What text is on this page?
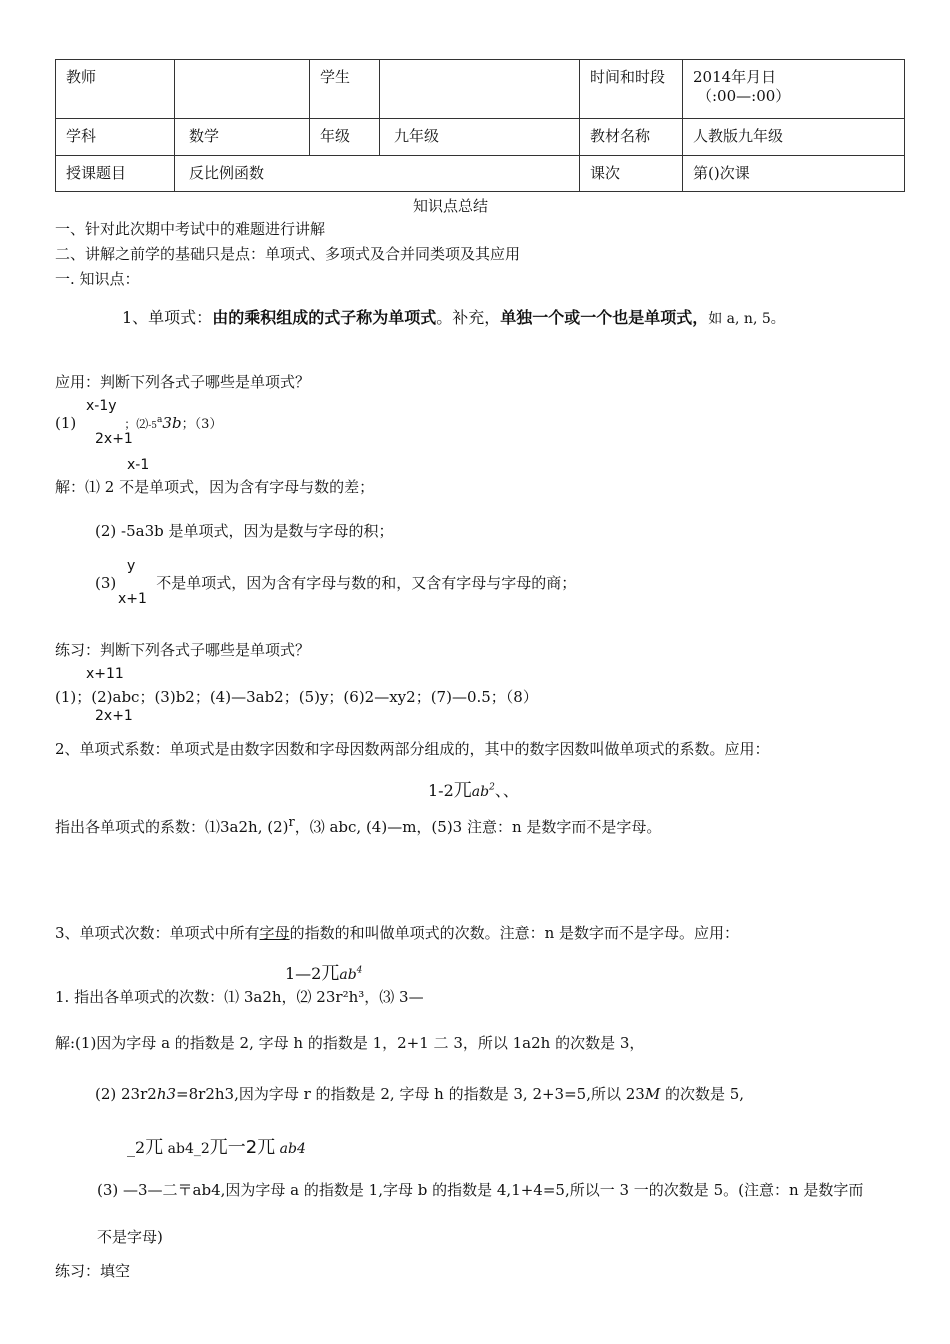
教师		学生		时间和时段	2014年月日
（:00—:00）

学科	数学	年级	九年级	教材名称	人教版九年级
授课题目	反比例函数			课次	第()次课
知识点总结
一、针对此次期中考试中的难题进行讲解
二、讲解之前学的基础只是点：单项式、多项式及合并同类项及其应用
一. 知识点：
1、单项式：由的乘积组成的式子称为单项式。补充，单独一个或一个也是单项式，如 a, n, 5。
应用：判断下列各式子哪些是单项式？
x-1y
(1)	；⑵-5$^a$3b；（3）
2x+1
x-1
解：⑴ 2 不是单项式，因为含有字母与数的差；
(2) -5a3b 是单项式，因为是数与字母的积；
y
(3)	不是单项式，因为含有字母与数的和，又含有字母与字母的商；
x+1
练习：判断下列各式子哪些是单项式？
x+11
(1)；(2)abc；(3)b2；(4)—3ab2；(5)y；(6)2—xy2；(7)—0.5；（8）
2x+1
2、单项式系数：单项式是由数字因数和字母因数两部分组成的，其中的数字因数叫做单项式的系数。应用：
1-2兀$ab^2$、、
指出各单项式的系数：⑴3a2h, $(2)^r$，⑶ abc, (4)—m，(5)3 注意：n 是数字而不是字母。
3、单项式次数：单项式中所有字母的指数的和叫做单项式的次数。注意：n 是数字而不是字母。应用：
1—2兀$ab^4$
1. 指出各单项式的次数：⑴ 3a2h，⑵ 23r²h³，⑶ 3—
解:(1)因为字母 a 的指数是 2, 字母 h 的指数是 1，2+1 二 3，所以 1a2h 的次数是 3，
(2) 23r2h3=8r2h3,因为字母 r 的指数是 2, 字母 h 的指数是 3, 2+3=5,所以 23M 的次数是 5,
_2兀 ab4_2兀一2兀 ab4
(3) —3—二〒ab4,因为字母 a 的指数是 1,字母 b 的指数是 4,1+4=5,所以一 3 一的次数是 5。(注意：n 是数字而
不是字母)
练习：填空
